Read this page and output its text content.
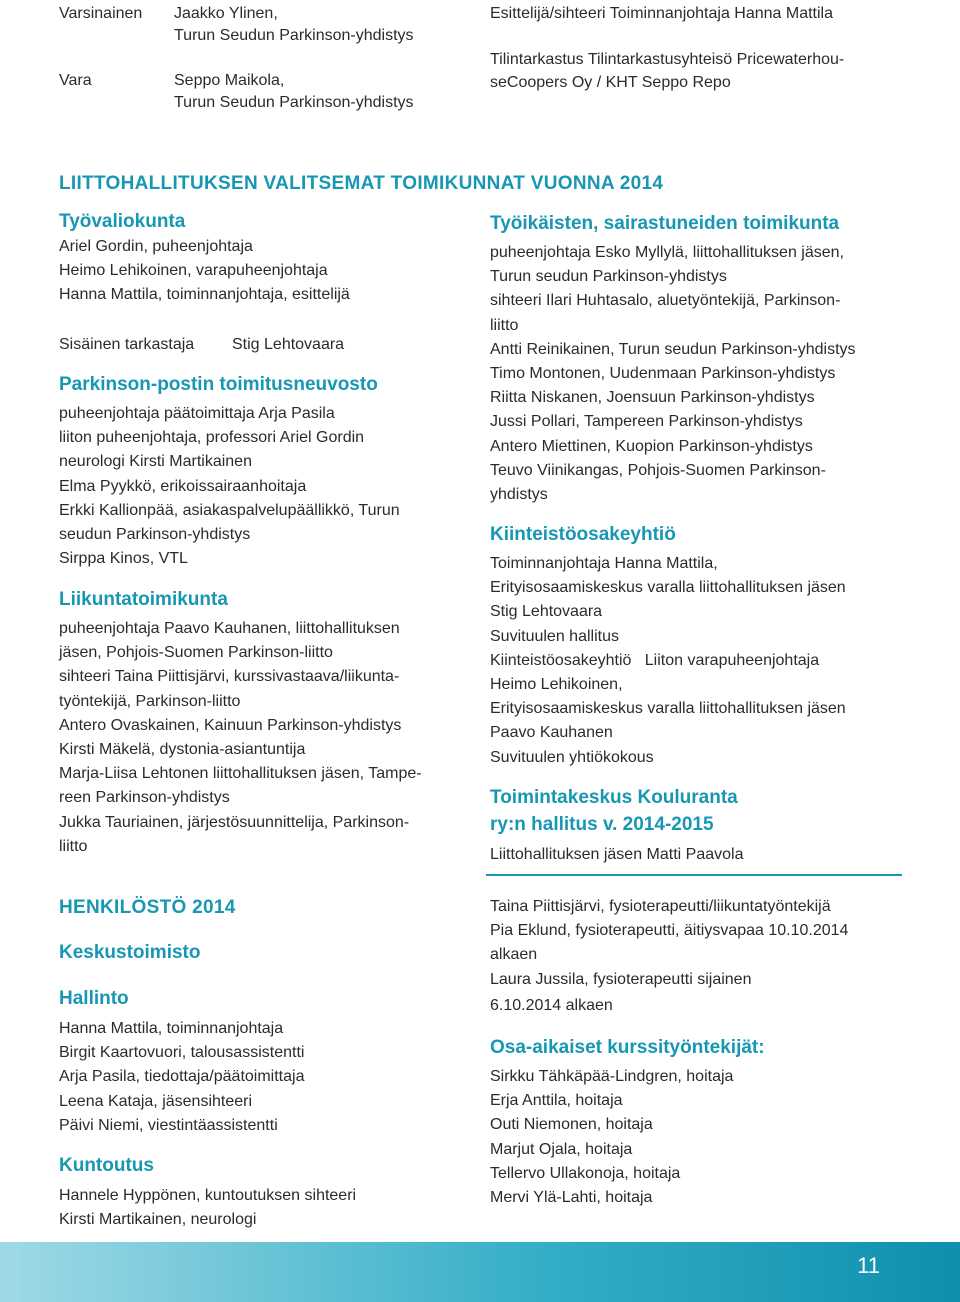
Varsinainen Jaakko Ylinen,
Turun Seudun Parkinson-yhdistys
Vara	Seppo Maikola,
Turun Seudun Parkinson-yhdistys
Esittelijä/sihteeri Toiminnanjohtaja Hanna Mattila
Tilintarkastus Tilintarkastusyhteisö Pricewaterhou-
seCoopers Oy / KHT Seppo Repo
LIITTOHALLITUKSEN VALITSEMAT TOIMIKUNNAT VUONNA 2014
Työvaliokunta
Ariel Gordin, puheenjohtaja
Heimo Lehikoinen, varapuheenjohtaja
Hanna Mattila, toiminnanjohtaja, esittelijä
Sisäinen tarkastaja Stig Lehtovaara
Parkinson-postin toimitusneuvosto
puheenjohtaja päätoimittaja Arja Pasila
liiton puheenjohtaja, professori Ariel Gordin
neurologi Kirsti Martikainen
Elma Pyykkö, erikoissairaanhoitaja
Erkki Kallionpää, asiakaspalvelupäällikkö, Turun
seudun Parkinson-yhdistys
Sirppa Kinos, VTL
Liikuntatoimikunta
puheenjohtaja Paavo Kauhanen, liittohallituksen
jäsen, Pohjois-Suomen Parkinson-liitto
sihteeri Taina Piittisjärvi, kurssivastaava/liikunta-
työntekijä, Parkinson-liitto
Antero Ovaskainen, Kainuun Parkinson-yhdistys
Kirsti Mäkelä, dystonia-asiantuntija
Marja-Liisa Lehtonen liittohallituksen jäsen, Tampe-
reen Parkinson-yhdistys
Jukka Tauriainen, järjestösuunnittelija, Parkinson-
liitto
Työikäisten, sairastuneiden toimikunta
puheenjohtaja Esko Myllylä, liittohallituksen jäsen,
Turun seudun Parkinson-yhdistys
sihteeri Ilari Huhtasalo, aluetyöntekijä, Parkinson-
liitto
Antti Reinikainen, Turun seudun Parkinson-yhdistys
Timo Montonen, Uudenmaan Parkinson-yhdistys
Riitta Niskanen, Joensuun Parkinson-yhdistys
Jussi Pollari, Tampereen Parkinson-yhdistys
Antero Miettinen, Kuopion Parkinson-yhdistys
Teuvo Viinikangas, Pohjois-Suomen Parkinson-
yhdistys
Kiinteistöosakeyhtiö
Toiminnanjohtaja Hanna Mattila,
Erityisosaamiskeskus varalla liittohallituksen jäsen
Stig Lehtovaara
Suvituulen hallitus
Kiinteistöosakeyhtiö   Liiton varapuheenjohtaja
Heimo Lehikoinen,
Erityisosaamiskeskus varalla liittohallituksen jäsen
Paavo Kauhanen
Suvituulen yhtiökokous
Toimintakeskus Kouluranta
ry:n hallitus v. 2014-2015
Liittohallituksen jäsen Matti Paavola
HENKILÖSTÖ 2014
Keskustoimisto
Hallinto
Hanna Mattila, toiminnanjohtaja
Birgit Kaartovuori, talousassistentti
Arja Pasila, tiedottaja/päätoimittaja
Leena Kataja, jäsensihteeri
Päivi Niemi, viestintäassistentti
Kuntoutus
Hannele Hyppönen, kuntoutuksen sihteeri
Kirsti Martikainen, neurologi
Taina Piittisjärvi, fysioterapeutti/liikuntatyöntekijä
Pia Eklund, fysioterapeutti, äitiysvapaa 10.10.2014
alkaen
Laura Jussila, fysioterapeutti sijainen
6.10.2014 alkaen
Osa-aikaiset kurssityöntekijät:
Sirkku Tähkäpää-Lindgren, hoitaja
Erja Anttila, hoitaja
Outi Niemonen, hoitaja
Marjut Ojala, hoitaja
Tellervo Ullakonoja, hoitaja
Mervi Ylä-Lahti, hoitaja
11
